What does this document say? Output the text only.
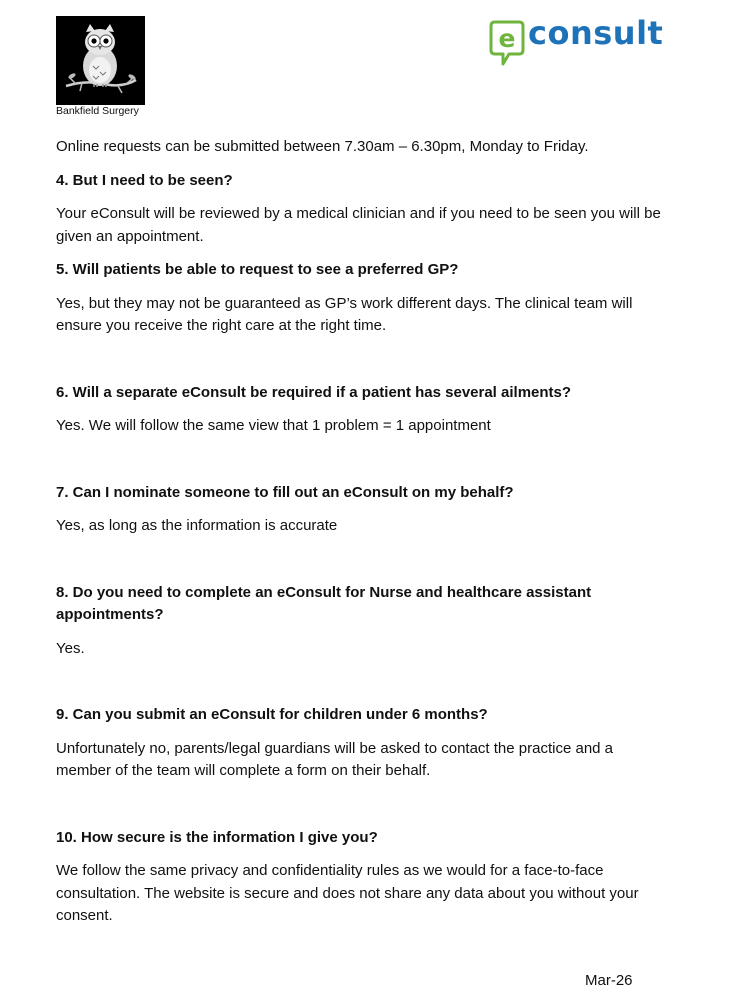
Bankfield Surgery
e consult

Online requests can be submitted between 7.30am – 6.30pm, Monday to Friday.

4. But I need to be seen?

Your eConsult will be reviewed by a medical clinician and if you need to be seen you will be given an appointment.

5. Will patients be able to request to see a preferred GP?

Yes, but they may not be guaranteed as GP’s work different days. The clinical team will ensure you receive the right care at the right time.

6. Will a separate eConsult be required if a patient has several ailments?

Yes. We will follow the same view that 1 problem = 1 appointment

7. Can I nominate someone to fill out an eConsult on my behalf?

Yes, as long as the information is accurate

8. Do you need to complete an eConsult for Nurse and healthcare assistant appointments?

Yes.

9. Can you submit an eConsult for children under 6 months?

Unfortunately no, parents/legal guardians will be asked to contact the practice and a member of the team will complete a form on their behalf.

10. How secure is the information I give you?

We follow the same privacy and confidentiality rules as we would for a face-to-face consultation. The website is secure and does not share any data about you without your consent.

Mar-26
